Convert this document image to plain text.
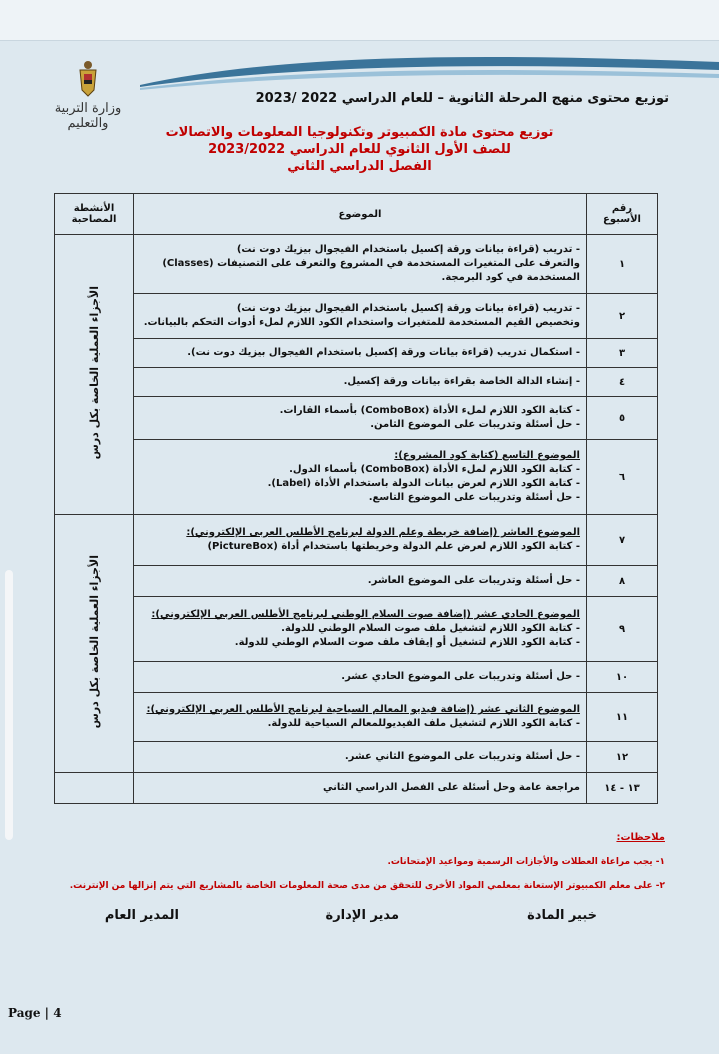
وزارة التربية والتعليم
توزيع محتوى منهج المرحلة الثانوية – للعام الدراسي 2022 /2023
توزيع محتوى مادة الكمبيوتر وتكنولوجيا المعلومات والاتصالات
للصف الأول الثانوي للعام الدراسي 2023/2022
الفصل الدراسي الثاني
رقم الأسبوع	الموضوع	الأنشطة المصاحبة
١	- تدريب (قراءة بيانات ورقة إكسيل باستخدام الفيجوال بيزيك دوت نت)
والتعرف على المتغيرات المستخدمة في المشروع والتعرف على التصنيفات (Classes)
المستخدمة في كود البرمجة.	الأجزاء العملية الخاصة بكل درس
٢	- تدريب (قراءة بيانات ورقة إكسيل باستخدام الفيجوال بيزيك دوت نت)
وتخصيص القيم المستخدمة للمتغيرات واستخدام الكود اللازم لملء أدوات التحكم بالبيانات.	

٣	- استكمال تدريب (قراءة بيانات ورقة إكسيل باستخدام الفيجوال بيزيك دوت نت).	

٤	- إنشاء الدالة الخاصة بقراءة بيانات ورقة إكسيل.	

٥	- كتابة الكود اللازم لملء الأداة (ComboBox) بأسماء القارات.
- حل أسئلة وتدريبات على الموضوع الثامن.	

٦	الموضوع التاسع (كتابة كود المشروع):
- كتابة الكود اللازم لملء الأداة (ComboBox) بأسماء الدول.
- كتابة الكود اللازم لعرض بيانات الدولة باستخدام الأداة (Label).
- حل أسئلة وتدريبات على الموضوع التاسع.	

٧	الموضوع العاشر (إضافة خريطة وعلم الدولة لبرنامج الأطلس العربى الإلكتروني):
- كتابة الكود اللازم لعرض علم الدولة وخريطتها باستخدام أداة (PictureBox)	الأجزاء العملية الخاصة بكل درس
٨	- حل أسئلة وتدريبات على الموضوع العاشر.	

٩	الموضوع الحادي عشر (إضافة صوت السلام الوطني لبرنامج الأطلس العربي الإلكتروني):
- كتابة الكود اللازم لتشغيل ملف صوت السلام الوطني للدولة.
- كتابة الكود اللازم لتشغيل أو إيقاف ملف صوت السلام الوطني للدولة.	

١٠	- حل أسئلة وتدريبات على الموضوع الحادي عشر.	

١١	الموضوع الثاني عشر (إضافة فيديو المعالم السياحية لبرنامج الأطلس العربي الإلكتروني):
- كتابة الكود اللازم لتشغيل ملف الفيديوللمعالم السياحية للدولة.	

١٢	- حل أسئلة وتدريبات على الموضوع الثاني عشر.	

١٣ - ١٤	مراجعة عامة وحل أسئلة على الفصل الدراسي الثاني	

ملاحظات:
١- يجب مراعاة العطلات والأجازات الرسمية ومواعيد الإمتحانات.
٢- على معلم الكمبيوتر الإستعانة بمعلمي المواد الأخرى للتحقق من مدى صحة المعلومات الخاصة بالمشاريع التي يتم إنزالها من الإنترنت.
خبير المادة
مدير الإدارة
المدير العام
Page | 4
